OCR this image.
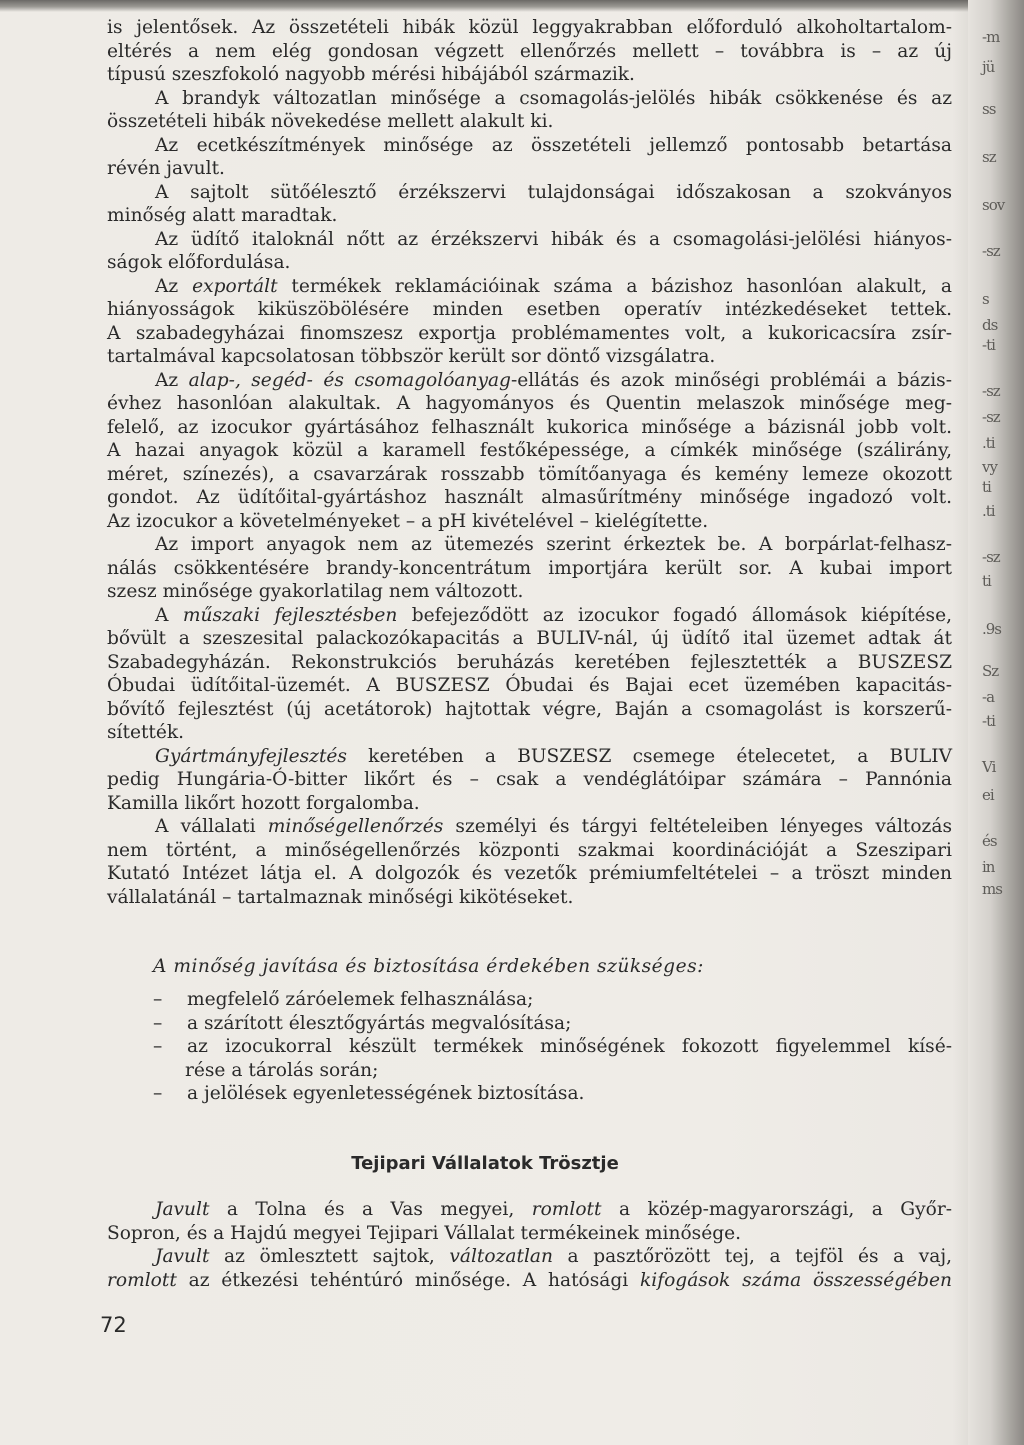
is jelentősek. Az összetételi hibák közül leggyakrabban előforduló alkoholtartalom-
eltérés a nem elég gondosan végzett ellenőrzés mellett – továbbra is – az új
típusú szeszfokoló nagyobb mérési hibájából származik.
A brandyk változatlan minősége a csomagolás-jelölés hibák csökkenése és az
összetételi hibák növekedése mellett alakult ki.
Az ecetkészítmények minősége az összetételi jellemző pontosabb betartása
révén javult.
A sajtolt sütőélesztő érzékszervi tulajdonságai időszakosan a szokványos
minőség alatt maradtak.
Az üdítő italoknál nőtt az érzékszervi hibák és a csomagolási-jelölési hiányos-
ságok előfordulása.
Az exportált termékek reklamációinak száma a bázishoz hasonlóan alakult, a
hiányosságok kiküszöbölésére minden esetben operatív intézkedéseket tettek.
A szabadegyházai finomszesz exportja problémamentes volt, a kukoricacsíra zsír-
tartalmával kapcsolatosan többször került sor döntő vizsgálatra.
Az alap-, segéd- és csomagolóanyag-ellátás és azok minőségi problémái a bázis-
évhez hasonlóan alakultak. A hagyományos és Quentin melaszok minősége meg-
felelő, az izocukor gyártásához felhasznált kukorica minősége a bázisnál jobb volt.
A hazai anyagok közül a karamell festőképessége, a címkék minősége (szálirány,
méret, színezés), a csavarzárak rosszabb tömítőanyaga és kemény lemeze okozott
gondot. Az üdítőital-gyártáshoz használt almasűrítmény minősége ingadozó volt.
Az izocukor a követelményeket – a pH kivételével – kielégítette.
Az import anyagok nem az ütemezés szerint érkeztek be. A borpárlat-felhasz-
nálás csökkentésére brandy-koncentrátum importjára került sor. A kubai import
szesz minősége gyakorlatilag nem változott.
A műszaki fejlesztésben befejeződött az izocukor fogadó állomások kiépítése,
bővült a szeszesital palackozókapacitás a BULIV-nál, új üdítő ital üzemet adtak át
Szabadegyházán. Rekonstrukciós beruházás keretében fejlesztették a BUSZESZ
Óbudai üdítőital-üzemét. A BUSZESZ Óbudai és Bajai ecet üzemében kapacitás-
bővítő fejlesztést (új acetátorok) hajtottak végre, Baján a csomagolást is korszerű-
sítették.
Gyártmányfejlesztés keretében a BUSZESZ csemege ételecetet, a BULIV
pedig Hungária-Ó-bitter likőrt és – csak a vendéglátóipar számára – Pannónia
Kamilla likőrt hozott forgalomba.
A vállalati minőségellenőrzés személyi és tárgyi feltételeiben lényeges változás
nem történt, a minőségellenőrzés központi szakmai koordinációját a Szeszipari
Kutató Intézet látja el. A dolgozók és vezetők prémiumfeltételei – a tröszt minden
vállalatánál – tartalmaznak minőségi kikötéseket.
A minőség javítása és biztosítása érdekében szükséges:
–	megfelelő záróelemek felhasználása;
–	a szárított élesztőgyártás megvalósítása;
–	az izocukorral készült termékek minőségének fokozott figyelemmel kísé-
rése a tárolás során;
–	a jelölések egyenletességének biztosítása.
Tejipari Vállalatok Trösztje
Javult a Tolna és a Vas megyei, romlott a közép-magyarországi, a Győr-
Sopron, és a Hajdú megyei Tejipari Vállalat termékeinek minősége.
Javult az ömlesztett sajtok, változatlan a pasztőrözött tej, a tejföl és a vaj,
romlott az étkezési tehéntúró minősége. A hatósági kifogások száma összességében
72
-m
jü
ss
sz
sov
-sz
s
ds
-ti
-sz
-sz
.ti
vy
ti
.ti
-sz
ti
.9s
Sz
-a
-ti
Vi
ei
és
in
ms
